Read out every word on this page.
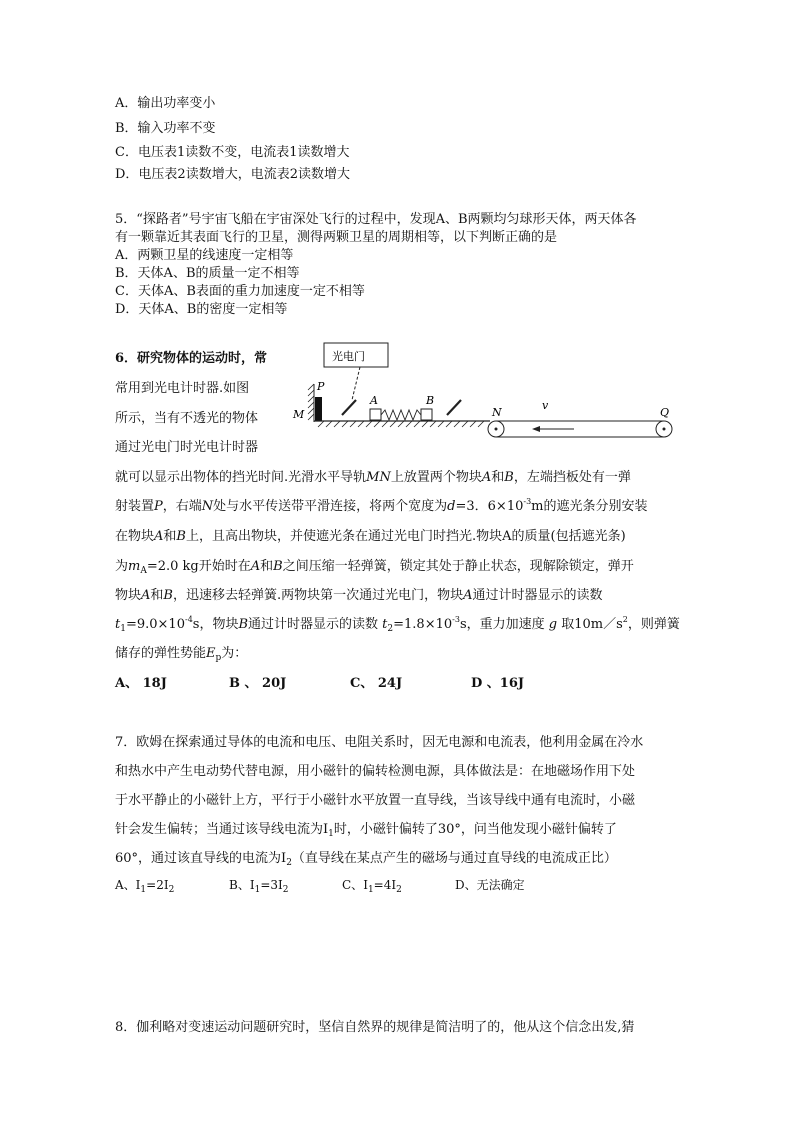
A．输出功率变小
B．输入功率不变
C．电压表1读数不变，电流表1读数增大
D．电压表2读数增大，电流表2读数增大
5．“探路者”号宇宙飞船在宇宙深处飞行的过程中，发现A、B两颗均匀球形天体，两天体各
有一颗靠近其表面飞行的卫星，测得两颗卫星的周期相等，以下判断正确的是
A．两颗卫星的线速度一定相等
B．天体A、B的质量一定不相等
C．天体A、B表面的重力加速度一定不相等
D．天体A、B的密度一定相等
6．研究物体的运动时，常
常用到光电计时器.如图
所示，当有不透光的物体
通过光电门时光电计时器
光电门
P
M
A	B
N	Q
v
就可以显示出物体的挡光时间.光滑水平导轨MN上放置两个物块A和B，左端挡板处有一弹
射装置P，右端N处与水平传送带平滑连接，将两个宽度为d=3．$6\times 10^{-3}m$的遮光条分别安装
在物块A和B上，且高出物块，并使遮光条在通过光电门时挡光.物块A的质量(包括遮光条)
为$m_A=2.0$ kg开始时在A和B之间压缩一轻弹簧，锁定其处于静止状态，现解除锁定，弹开
物块A和B，迅速移去轻弹簧.两物块第一次通过光电门，物块A通过计时器显示的读数
$t_1=9.0\times 10^{-4}s$，物块B通过计时器显示的读数 $t_2=1.8\times 10^{-3}s$，重力加速度 g 取$10m/s^2$，则弹簧
储存的弹性势能$E_p$为：
A、 18J	B 、 20J	C、 24J	D 、16J
7．欧姆在探索通过导体的电流和电压、电阻关系时，因无电源和电流表，他利用金属在冷水
和热水中产生电动势代替电源，用小磁针的偏转检测电源，具体做法是：在地磁场作用下处
于水平静止的小磁针上方，平行于小磁针水平放置一直导线，当该导线中通有电流时，小磁
针会发生偏转；当通过该导线电流为$I_1$时，小磁针偏转了30°，问当他发现小磁针偏转了
60°，通过该直导线的电流为$I_2$（直导线在某点产生的磁场与通过直导线的电流成正比）
A、$I_1=2I_2$	B、$I_1=3I_2$	C、$I_1=4I_2$	D、无法确定
8．伽利略对变速运动问题研究时，坚信自然界的规律是简洁明了的，他从这个信念出发,猜
